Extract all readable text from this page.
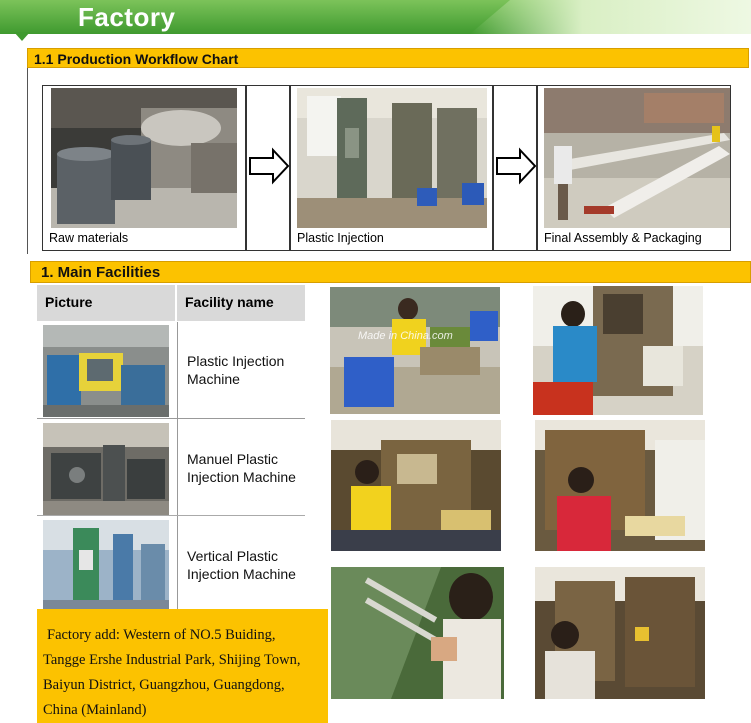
Factory
1.1 Production Workflow Chart
Raw materials	Plastic Injection	Final Assembly & Packaging
1. Main Facilities
Picture	Facility name
Plastic Injection
Machine
Manuel Plastic
Injection Machine
Vertical Plastic
Injection Machine
Made in China.com
Factory add: Western of NO.5 Buiding,
Tangge Ershe Industrial Park, Shijing Town,
Baiyun District, Guangzhou, Guangdong,
China (Mainland)
